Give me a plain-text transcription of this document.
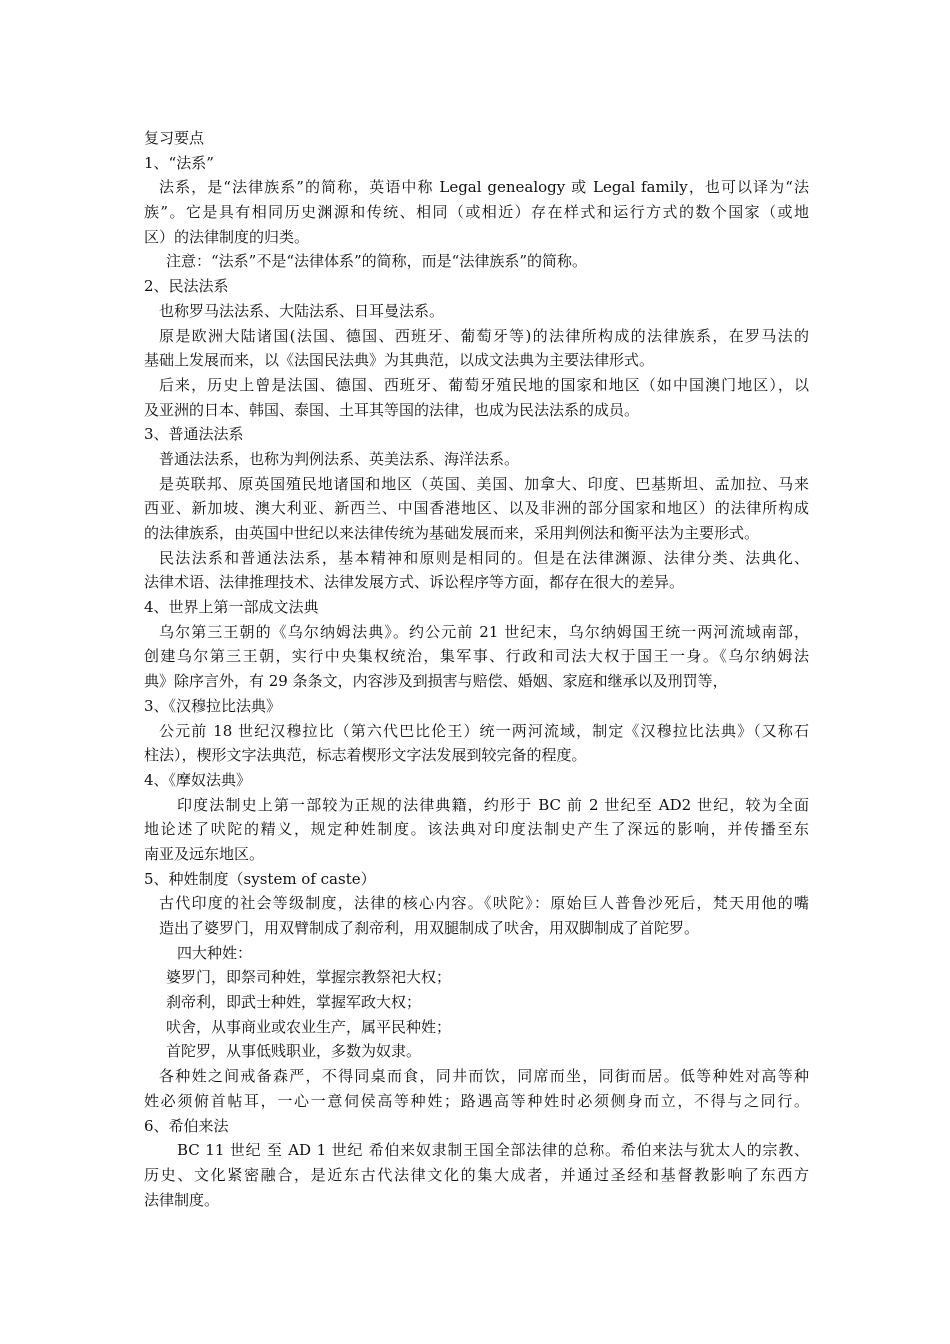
复习要点
1、“法系”
法系，是“法律族系”的简称，英语中称 Legal genealogy 或 Legal family，也可以译为“法
族”。它是具有相同历史渊源和传统、相同（或相近）存在样式和运行方式的数个国家（或地
区）的法律制度的归类。
注意：“法系”不是“法律体系”的简称，而是“法律族系”的简称。
2、民法法系
也称罗马法法系、大陆法系、日耳曼法系。
原是欧洲大陆诸国(法国、德国、西班牙、葡萄牙等)的法律所构成的法律族系，在罗马法的
基础上发展而来，以《法国民法典》为其典范，以成文法典为主要法律形式。
后来，历史上曾是法国、德国、西班牙、葡萄牙殖民地的国家和地区（如中国澳门地区），以
及亚洲的日本、韩国、泰国、土耳其等国的法律，也成为民法法系的成员。
3、普通法法系
普通法法系，也称为判例法系、英美法系、海洋法系。
是英联邦、原英国殖民地诸国和地区（英国、美国、加拿大、印度、巴基斯坦、孟加拉、马来
西亚、新加坡、澳大利亚、新西兰、中国香港地区、以及非洲的部分国家和地区）的法律所构成
的法律族系，由英国中世纪以来法律传统为基础发展而来，采用判例法和衡平法为主要形式。
民法法系和普通法法系，基本精神和原则是相同的。但是在法律渊源、法律分类、法典化、
法律术语、法律推理技术、法律发展方式、诉讼程序等方面，都存在很大的差异。
4、世界上第一部成文法典
乌尔第三王朝的《乌尔纳姆法典》。约公元前 21 世纪末，乌尔纳姆国王统一两河流域南部，
创建乌尔第三王朝，实行中央集权统治，集军事、行政和司法大权于国王一身。《乌尔纳姆法
典》除序言外，有 29 条条文，内容涉及到损害与赔偿、婚姻、家庭和继承以及刑罚等，
3、《汉穆拉比法典》
公元前 18 世纪汉穆拉比（第六代巴比伦王）统一两河流域，制定《汉穆拉比法典》（又称石
柱法），楔形文字法典范，标志着楔形文字法发展到较完备的程度。
4、《摩奴法典》
印度法制史上第一部较为正规的法律典籍，约形于 BC 前 2 世纪至 AD2 世纪，较为全面
地论述了吠陀的精义，规定种姓制度。该法典对印度法制史产生了深远的影响，并传播至东
南亚及远东地区。
5、种姓制度（system of caste）
古代印度的社会等级制度，法律的核心内容。《吠陀》：原始巨人普鲁沙死后，梵天用他的嘴
造出了婆罗门，用双臂制成了刹帝利，用双腿制成了吠舍，用双脚制成了首陀罗。
四大种姓：
婆罗门，即祭司种姓，掌握宗教祭祀大权；
刹帝利，即武士种姓，掌握军政大权；
吠舍，从事商业或农业生产，属平民种姓；
首陀罗，从事低贱职业，多数为奴隶。
各种姓之间戒备森严，不得同桌而食，同井而饮，同席而坐，同街而居。低等种姓对高等种
姓必须俯首帖耳，一心一意伺侯高等种姓；路遇高等种姓时必须侧身而立，不得与之同行。
6、希伯来法
BC 11 世纪 至 AD 1 世纪 希伯来奴隶制王国全部法律的总称。希伯来法与犹太人的宗教、
历史、文化紧密融合，是近东古代法律文化的集大成者，并通过圣经和基督教影响了东西方
法律制度。
